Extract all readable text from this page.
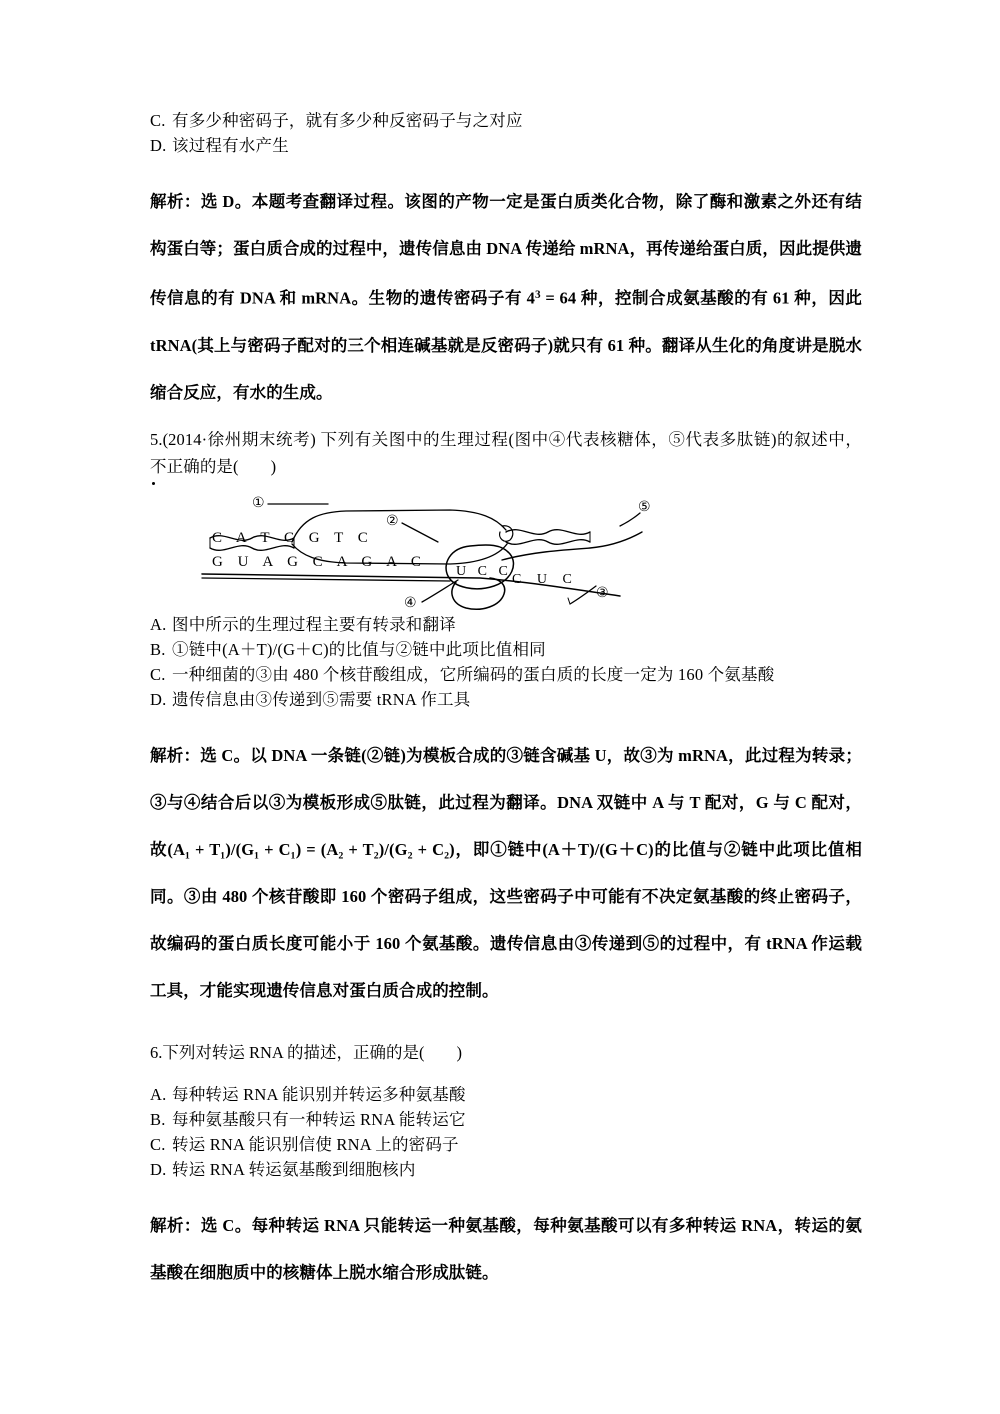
C. 有多少种密码子，就有多少种反密码子与之对应
D. 该过程有水产生

解析：选 D。本题考查翻译过程。该图的产物一定是蛋白质类化合物，除了酶和激素之外还有结构蛋白等；蛋白质合成的过程中，遗传信息由 DNA 传递给 mRNA，再传递给蛋白质，因此提供遗传信息的有 DNA 和 mRNA。生物的遗传密码子有 $4^3 = 64$ 种，控制合成氨基酸的有 61 种，因此 tRNA(其上与密码子配对的三个相连碱基就是反密码子)就只有 61 种。翻译从生化的角度讲是脱水缩合反应，有水的生成。

5.(2014·徐州期末统考) 下列有关图中的生理过程(图中④代表核糖体，⑤代表多肽链)的叙述中，不正确的是( )

C A T C G T C
G U A G C A G A C
U C C
C U C
①
②
③
④
⑤
A. 图中所示的生理过程主要有转录和翻译
B. ①链中(A＋T)/(G＋C)的比值与②链中此项比值相同
C. 一种细菌的③由 480 个核苷酸组成，它所编码的蛋白质的长度一定为 160 个氨基酸
D. 遗传信息由③传递到⑤需要 tRNA 作工具

解析：选 C。以 DNA 一条链(②链)为模板合成的③链含碱基 U，故③为 mRNA，此过程为转录；③与④结合后以③为模板形成⑤肽链，此过程为翻译。DNA 双链中 A 与 T 配对，G 与 C 配对，故(A₁ + T₁)/(G₁ + C₁) = (A₂ + T₂)/(G₂ + C₂)，即①链中(A＋T)/(G＋C)的比值与②链中此项比值相同。③由 480 个核苷酸即 160 个密码子组成，这些密码子中可能有不决定氨基酸的终止密码子，故编码的蛋白质长度可能小于 160 个氨基酸。遗传信息由③传递到⑤的过程中，有 tRNA 作运载工具，才能实现遗传信息对蛋白质合成的控制。

6.下列对转运 RNA 的描述，正确的是( )

A. 每种转运 RNA 能识别并转运多种氨基酸
B. 每种氨基酸只有一种转运 RNA 能转运它
C. 转运 RNA 能识别信使 RNA 上的密码子
D. 转运 RNA 转运氨基酸到细胞核内

解析：选 C。每种转运 RNA 只能转运一种氨基酸，每种氨基酸可以有多种转运 RNA，转运的氨基酸在细胞质中的核糖体上脱水缩合形成肽链。
